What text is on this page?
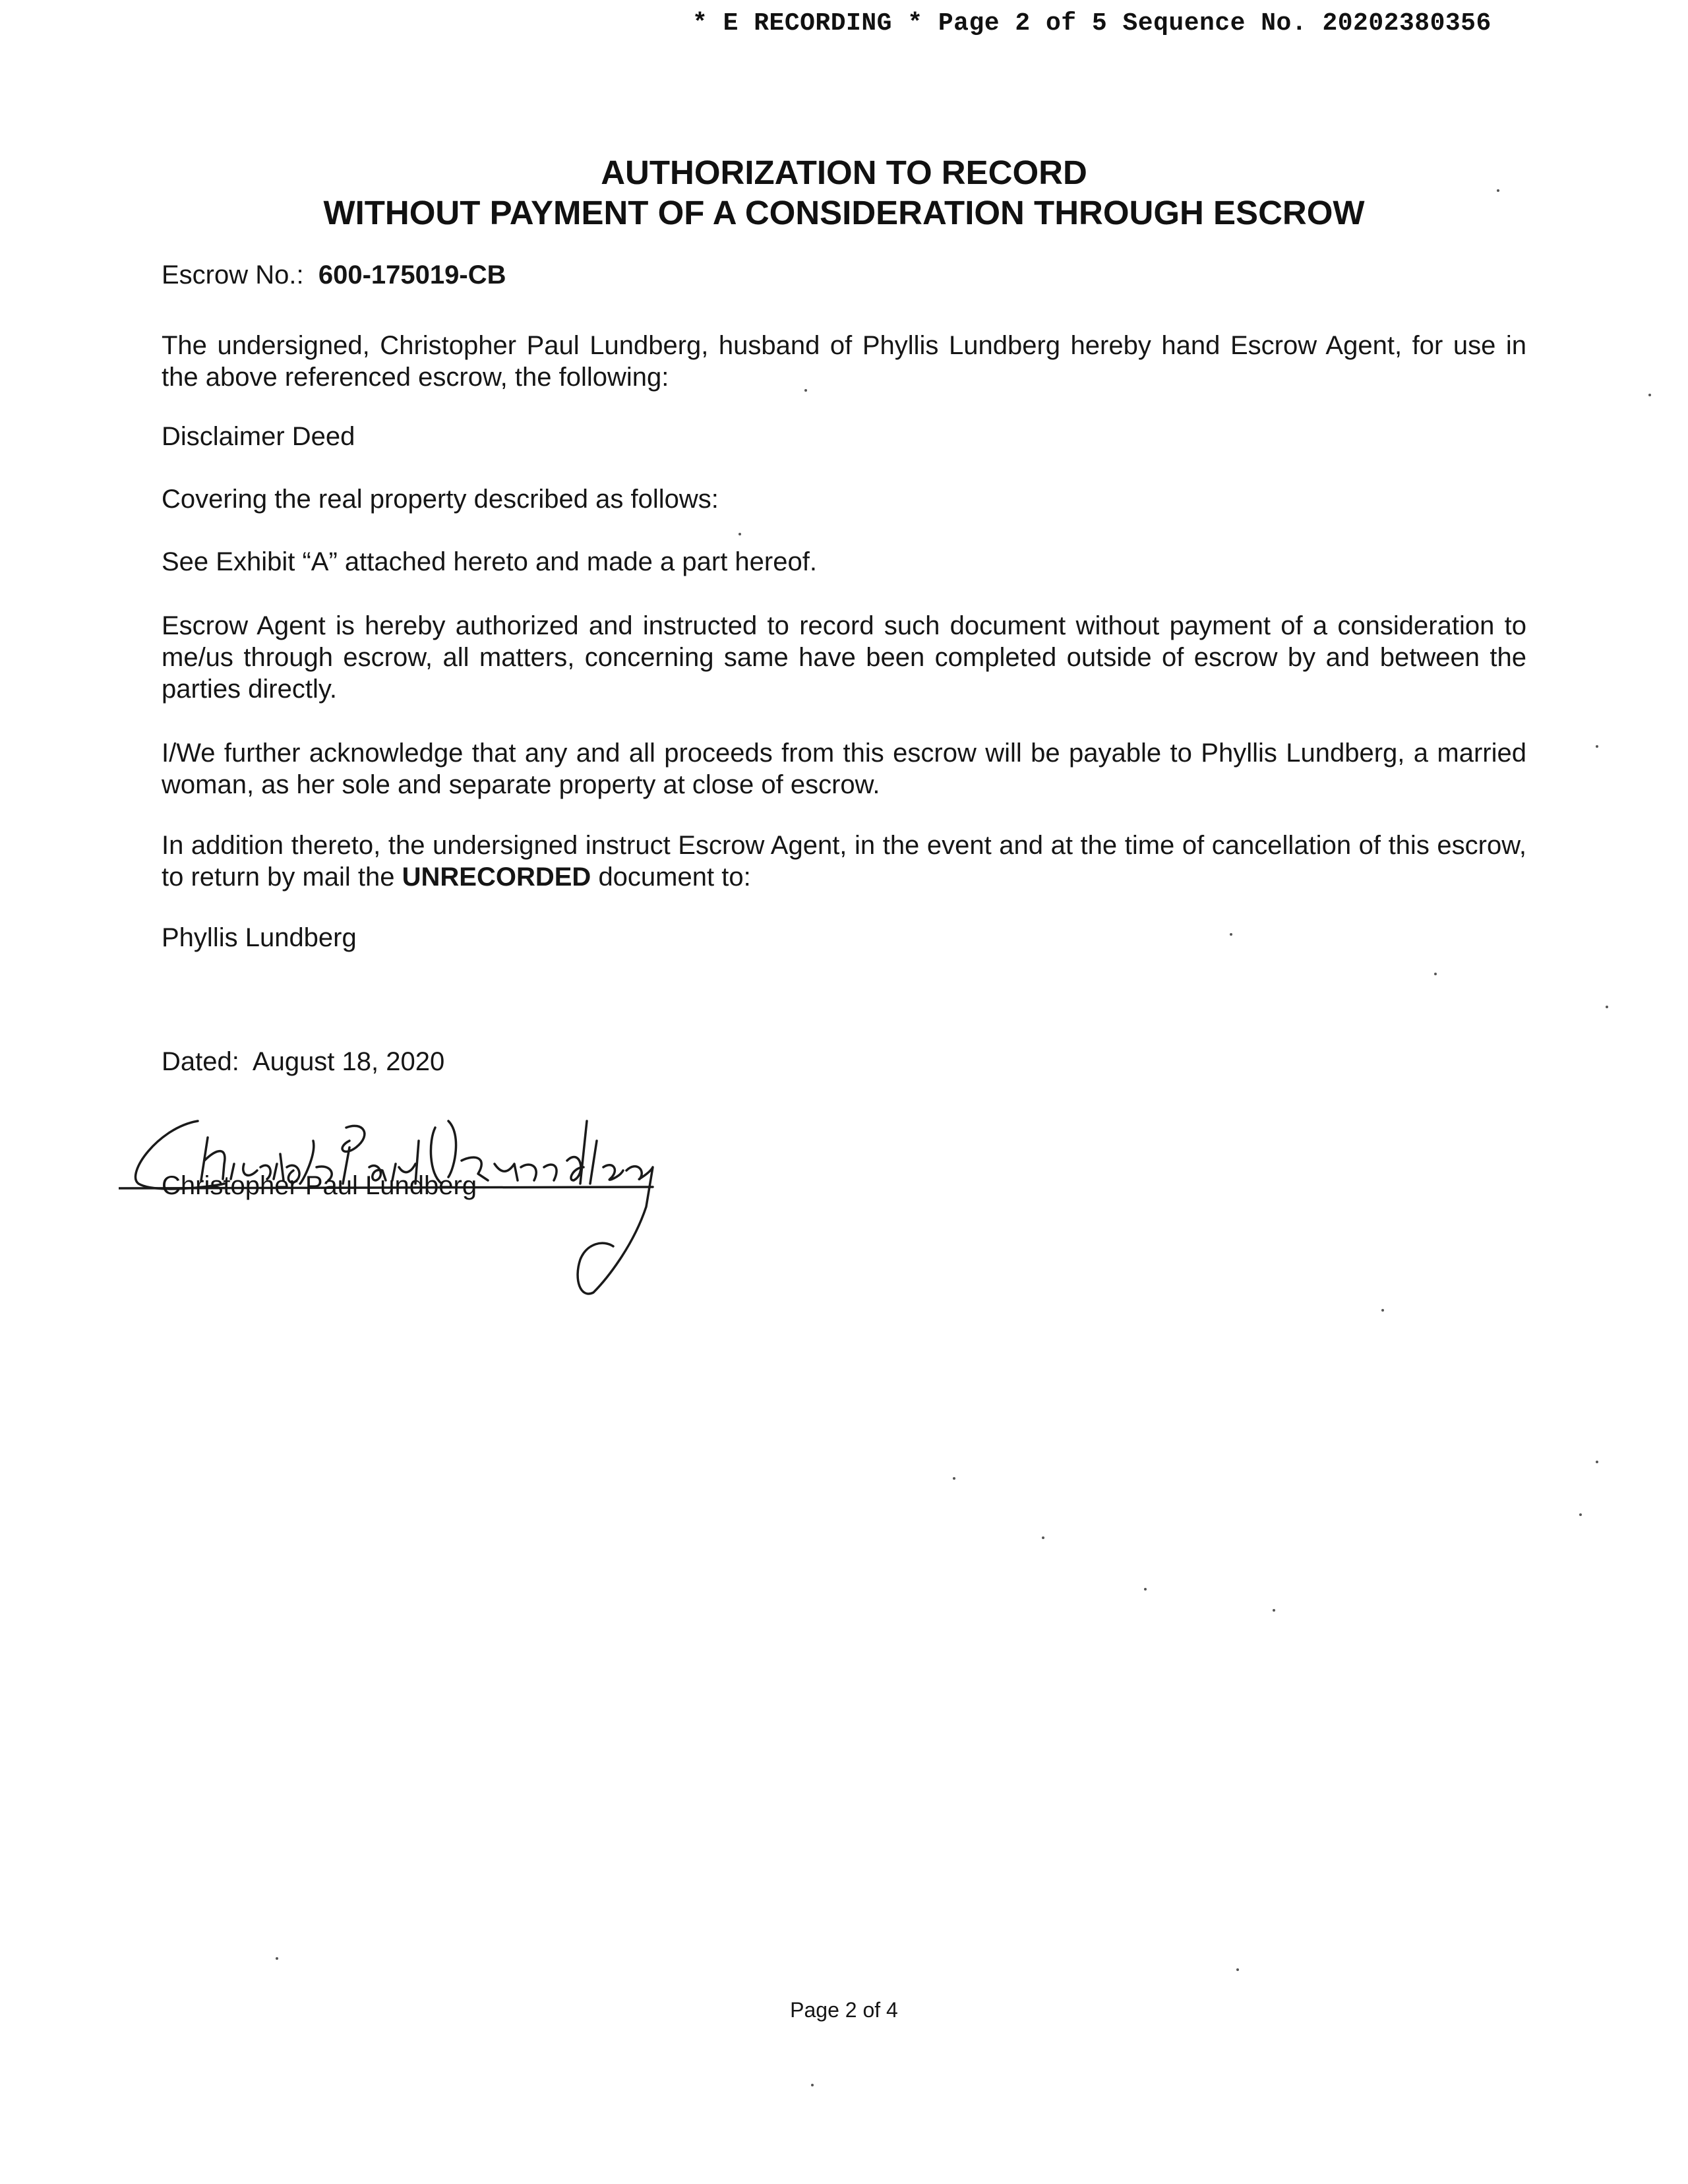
* E RECORDING * Page 2 of 5 Sequence No. 20202380356
AUTHORIZATION TO RECORD
WITHOUT PAYMENT OF A CONSIDERATION THROUGH ESCROW
Escrow No.: 600-175019-CB
The undersigned, Christopher Paul Lundberg, husband of Phyllis Lundberg hereby hand Escrow Agent, for use in the above referenced escrow, the following:
Disclaimer Deed
Covering the real property described as follows:
See Exhibit “A” attached hereto and made a part hereof.
Escrow Agent is hereby authorized and instructed to record such document without payment of a consideration to me/us through escrow, all matters, concerning same have been completed outside of escrow by and between the parties directly.
I/We further acknowledge that any and all proceeds from this escrow will be payable to Phyllis Lundberg, a married woman, as her sole and separate property at close of escrow.
In addition thereto, the undersigned instruct Escrow Agent, in the event and at the time of cancellation of this escrow, to return by mail the UNRECORDED document to:
Phyllis Lundberg
Dated: August 18, 2020
Christopher Paul Lundberg
Page 2 of 4
